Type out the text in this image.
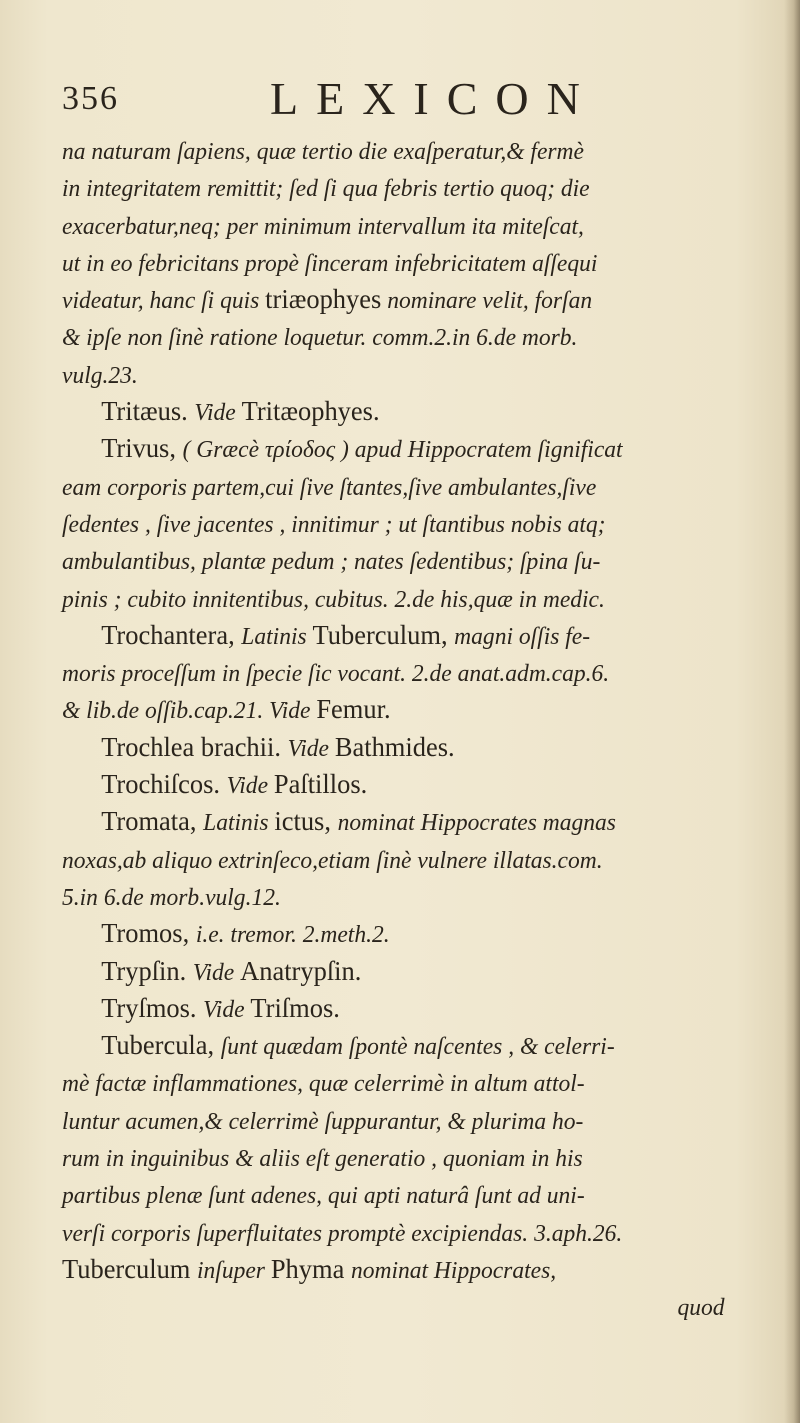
356	LEXICON
na naturam ſapiens, quæ tertio die exaſperatur,& fermè
in integritatem remittit; ſed ſi qua febris tertio quoq; die
exacerbatur,neq; per minimum intervallum ita miteſcat,
ut in eo febricitans propè ſinceram infebricitatem aſſequi
videatur, hanc ſi quis triæophyes nominare velit, forſan
& ipſe non ſinè ratione loquetur. comm.2.in 6.de morb.
vulg.23.
Tritæus. Vide Tritæophyes.
Trivus, ( Græcè τρίοδος ) apud Hippocratem ſignificat
eam corporis partem,cui ſive ſtantes,ſive ambulantes,ſive
ſedentes , ſive jacentes , innitimur ; ut ſtantibus nobis atq;
ambulantibus, plantæ pedum ; nates ſedentibus; ſpina ſu-
pinis ; cubito innitentibus, cubitus. 2.de his,quæ in medic.
Trochantera, Latinis Tuberculum, magni oſſis fe-
moris proceſſum in ſpecie ſic vocant. 2.de anat.adm.cap.6.
& lib.de oſſib.cap.21. Vide Femur.
Trochlea brachii. Vide Bathmides.
Trochiſcos. Vide Paſtillos.
Tromata, Latinis ictus, nominat Hippocrates magnas
noxas,ab aliquo extrinſeco,etiam ſinè vulnere illatas.com.
5.in 6.de morb.vulg.12.
Tromos, i.e. tremor. 2.meth.2.
Trypſin. Vide Anatrypſin.
Tryſmos. Vide Triſmos.
Tubercula, ſunt quædam ſpontè naſcentes , & celerri-
mè factæ inflammationes, quæ celerrimè in altum attol-
luntur acumen,& celerrimè ſuppurantur, & plurima ho-
rum in inguinibus & aliis eſt generatio , quoniam in his
partibus plenæ ſunt adenes, qui apti naturâ ſunt ad uni-
verſi corporis ſuperfluitates promptè excipiendas. 3.aph.26.
Tuberculum inſuper Phyma nominat Hippocrates,
quod
